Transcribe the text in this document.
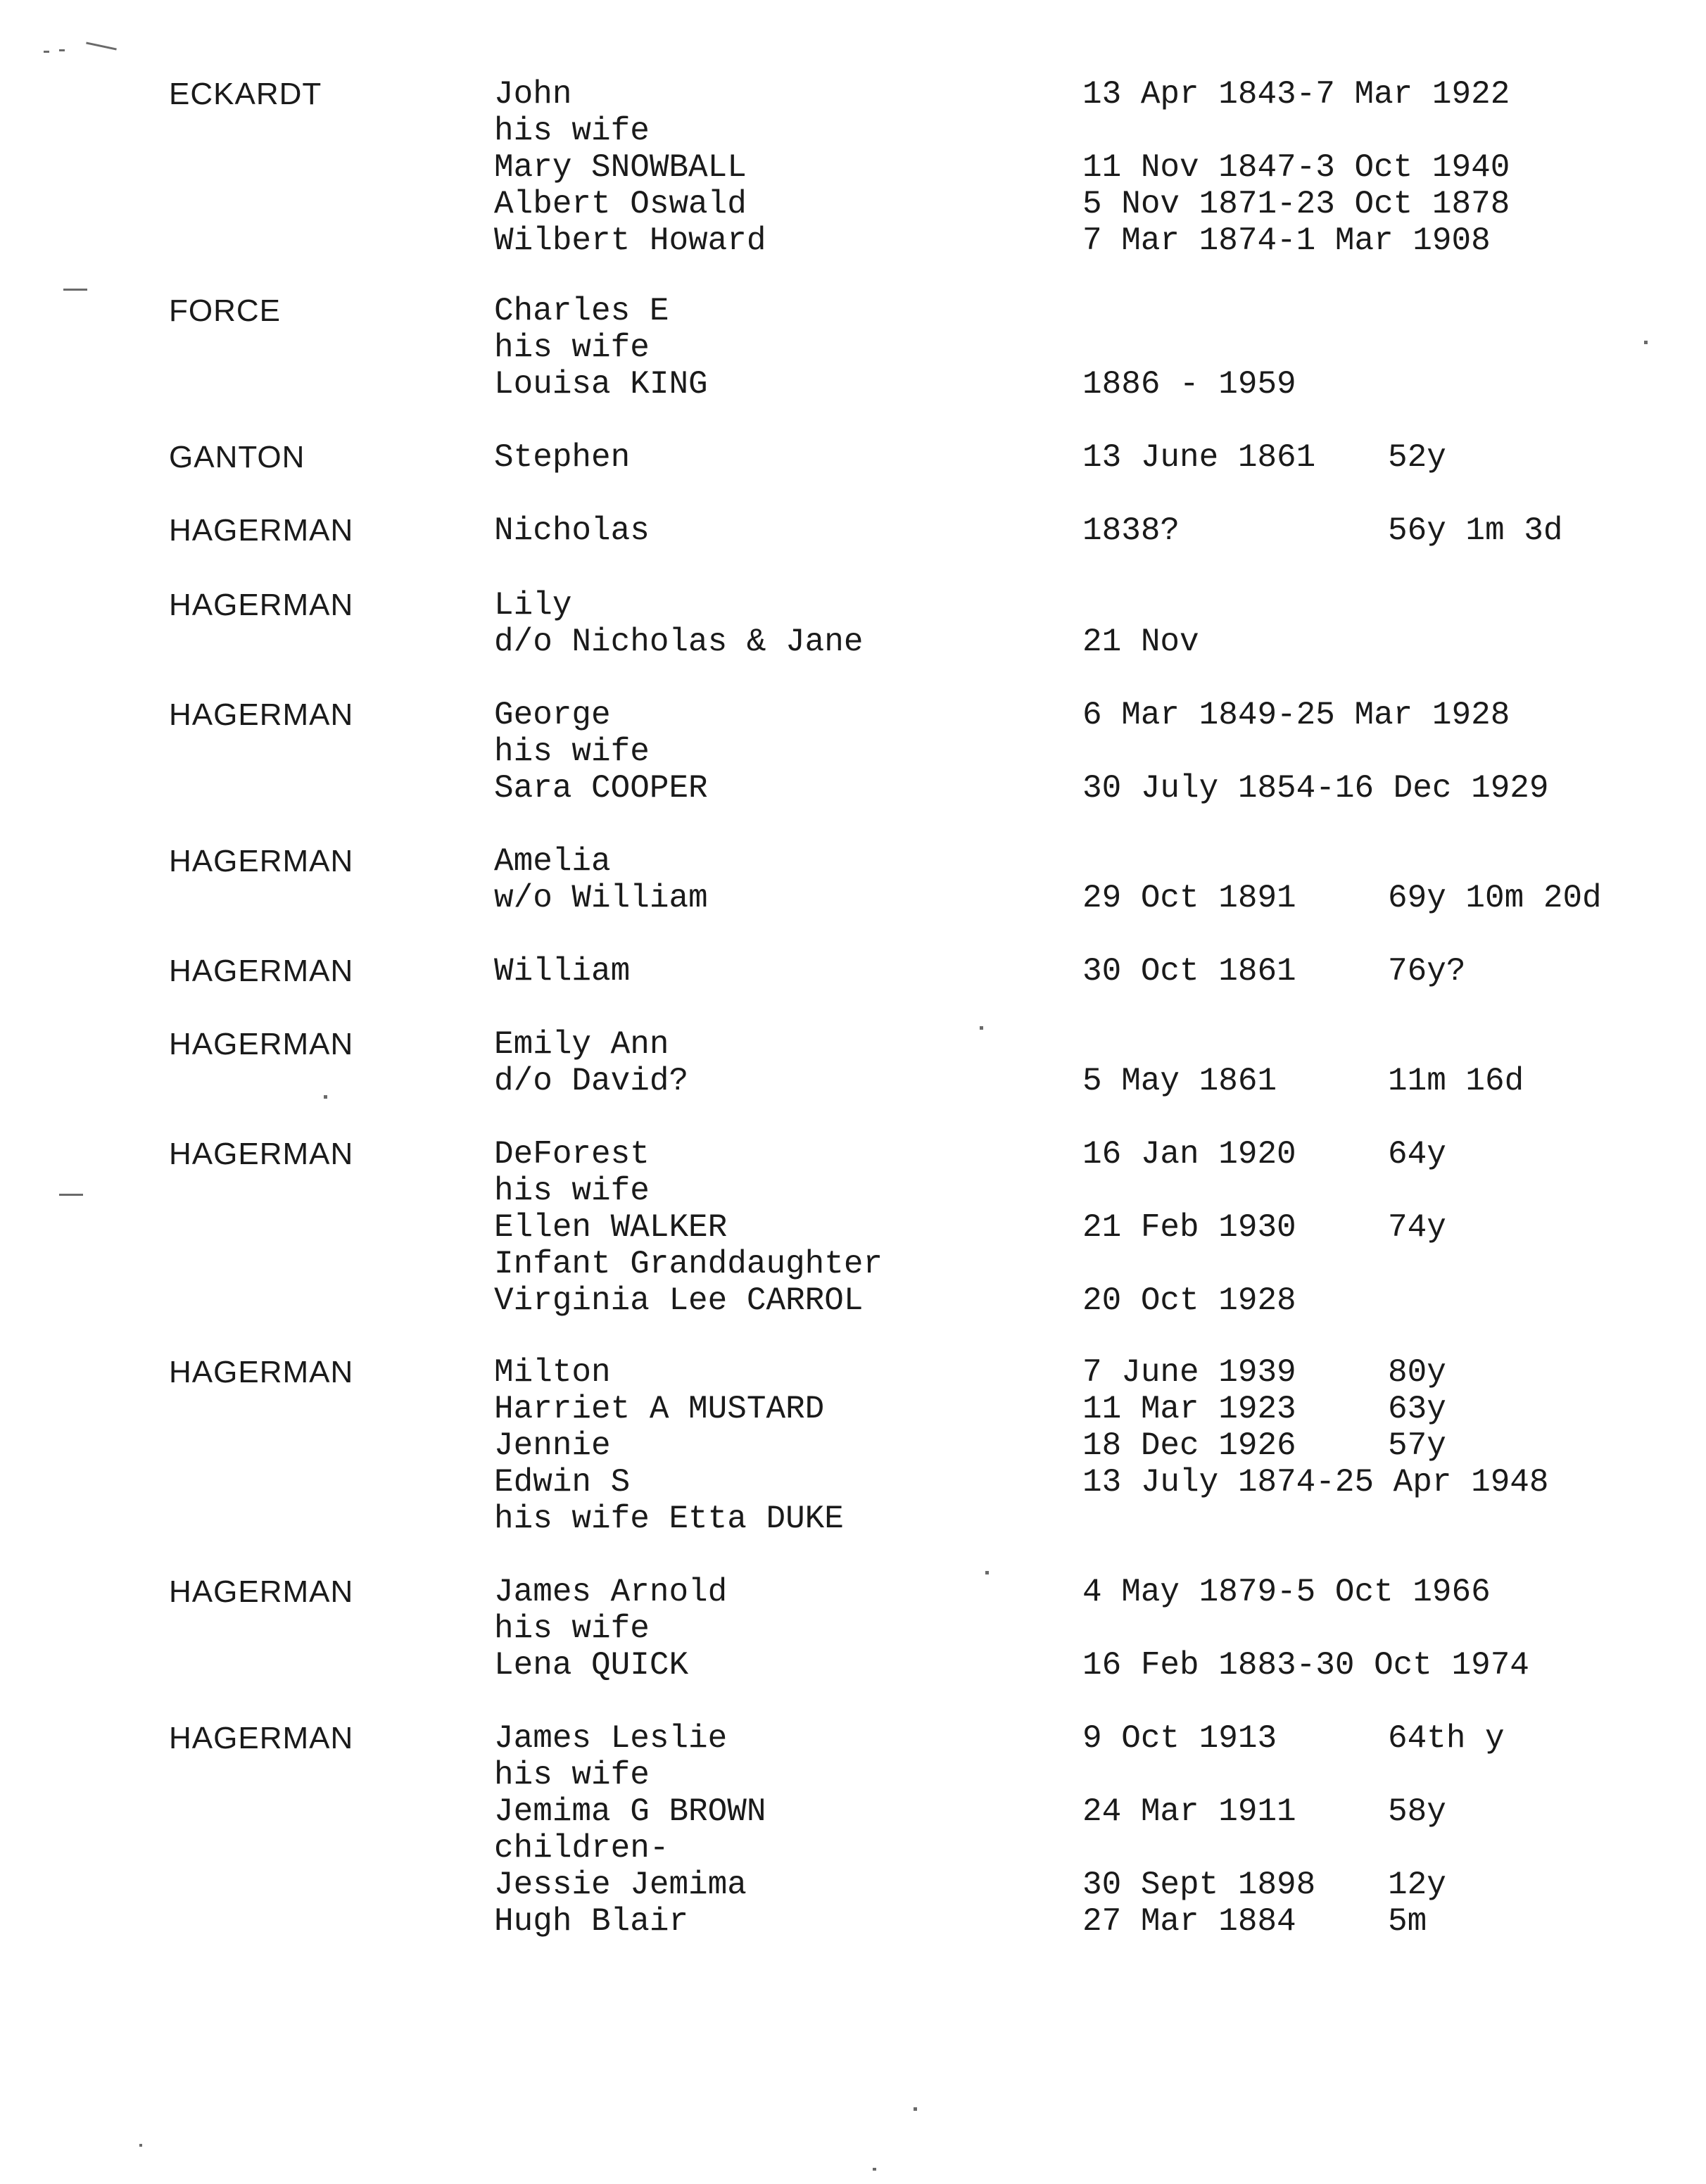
ECKARDT	John	13 Apr 1843-7 Mar 1922
his wife
Mary SNOWBALL	11 Nov 1847-3 Oct 1940
Albert Oswald	5 Nov 1871-23 Oct 1878
Wilbert Howard	7 Mar 1874-1 Mar 1908
FORCE	Charles E
his wife
Louisa KING	1886 - 1959
GANTON	Stephen	13 June 1861 52y
HAGERMAN	Nicholas	1838?	56y 1m 3d
HAGERMAN	Lily
d/o Nicholas & Jane	21 Nov
HAGERMAN	George	6 Mar 1849-25 Mar 1928
his wife
Sara COOPER	30 July 1854-16 Dec 1929
HAGERMAN	Amelia
w/o William	29 Oct 1891	69y 10m 20d
HAGERMAN	William	30 Oct 1861	76y?
HAGERMAN	Emily Ann
d/o David?	5 May 1861	11m 16d
HAGERMAN	DeForest	16 Jan 1920	64y
his wife
Ellen WALKER	21 Feb 1930	74y
Infant Granddaughter
Virginia Lee CARROL	20 Oct 1928
HAGERMAN	Milton	7 June 1939	80y
Harriet A MUSTARD	11 Mar 1923	63y
Jennie	18 Dec 1926	57y
Edwin S	13 July 1874-25 Apr 1948
his wife Etta DUKE
HAGERMAN	James Arnold	4 May 1879-5 Oct 1966
his wife
Lena QUICK	16 Feb 1883-30 Oct 1974
HAGERMAN	James Leslie	9 Oct 1913	64th y
his wife
Jemima G BROWN	24 Mar 1911	58y
children-
Jessie Jemima	30 Sept 1898 12y
Hugh Blair	27 Mar 1884	5m
